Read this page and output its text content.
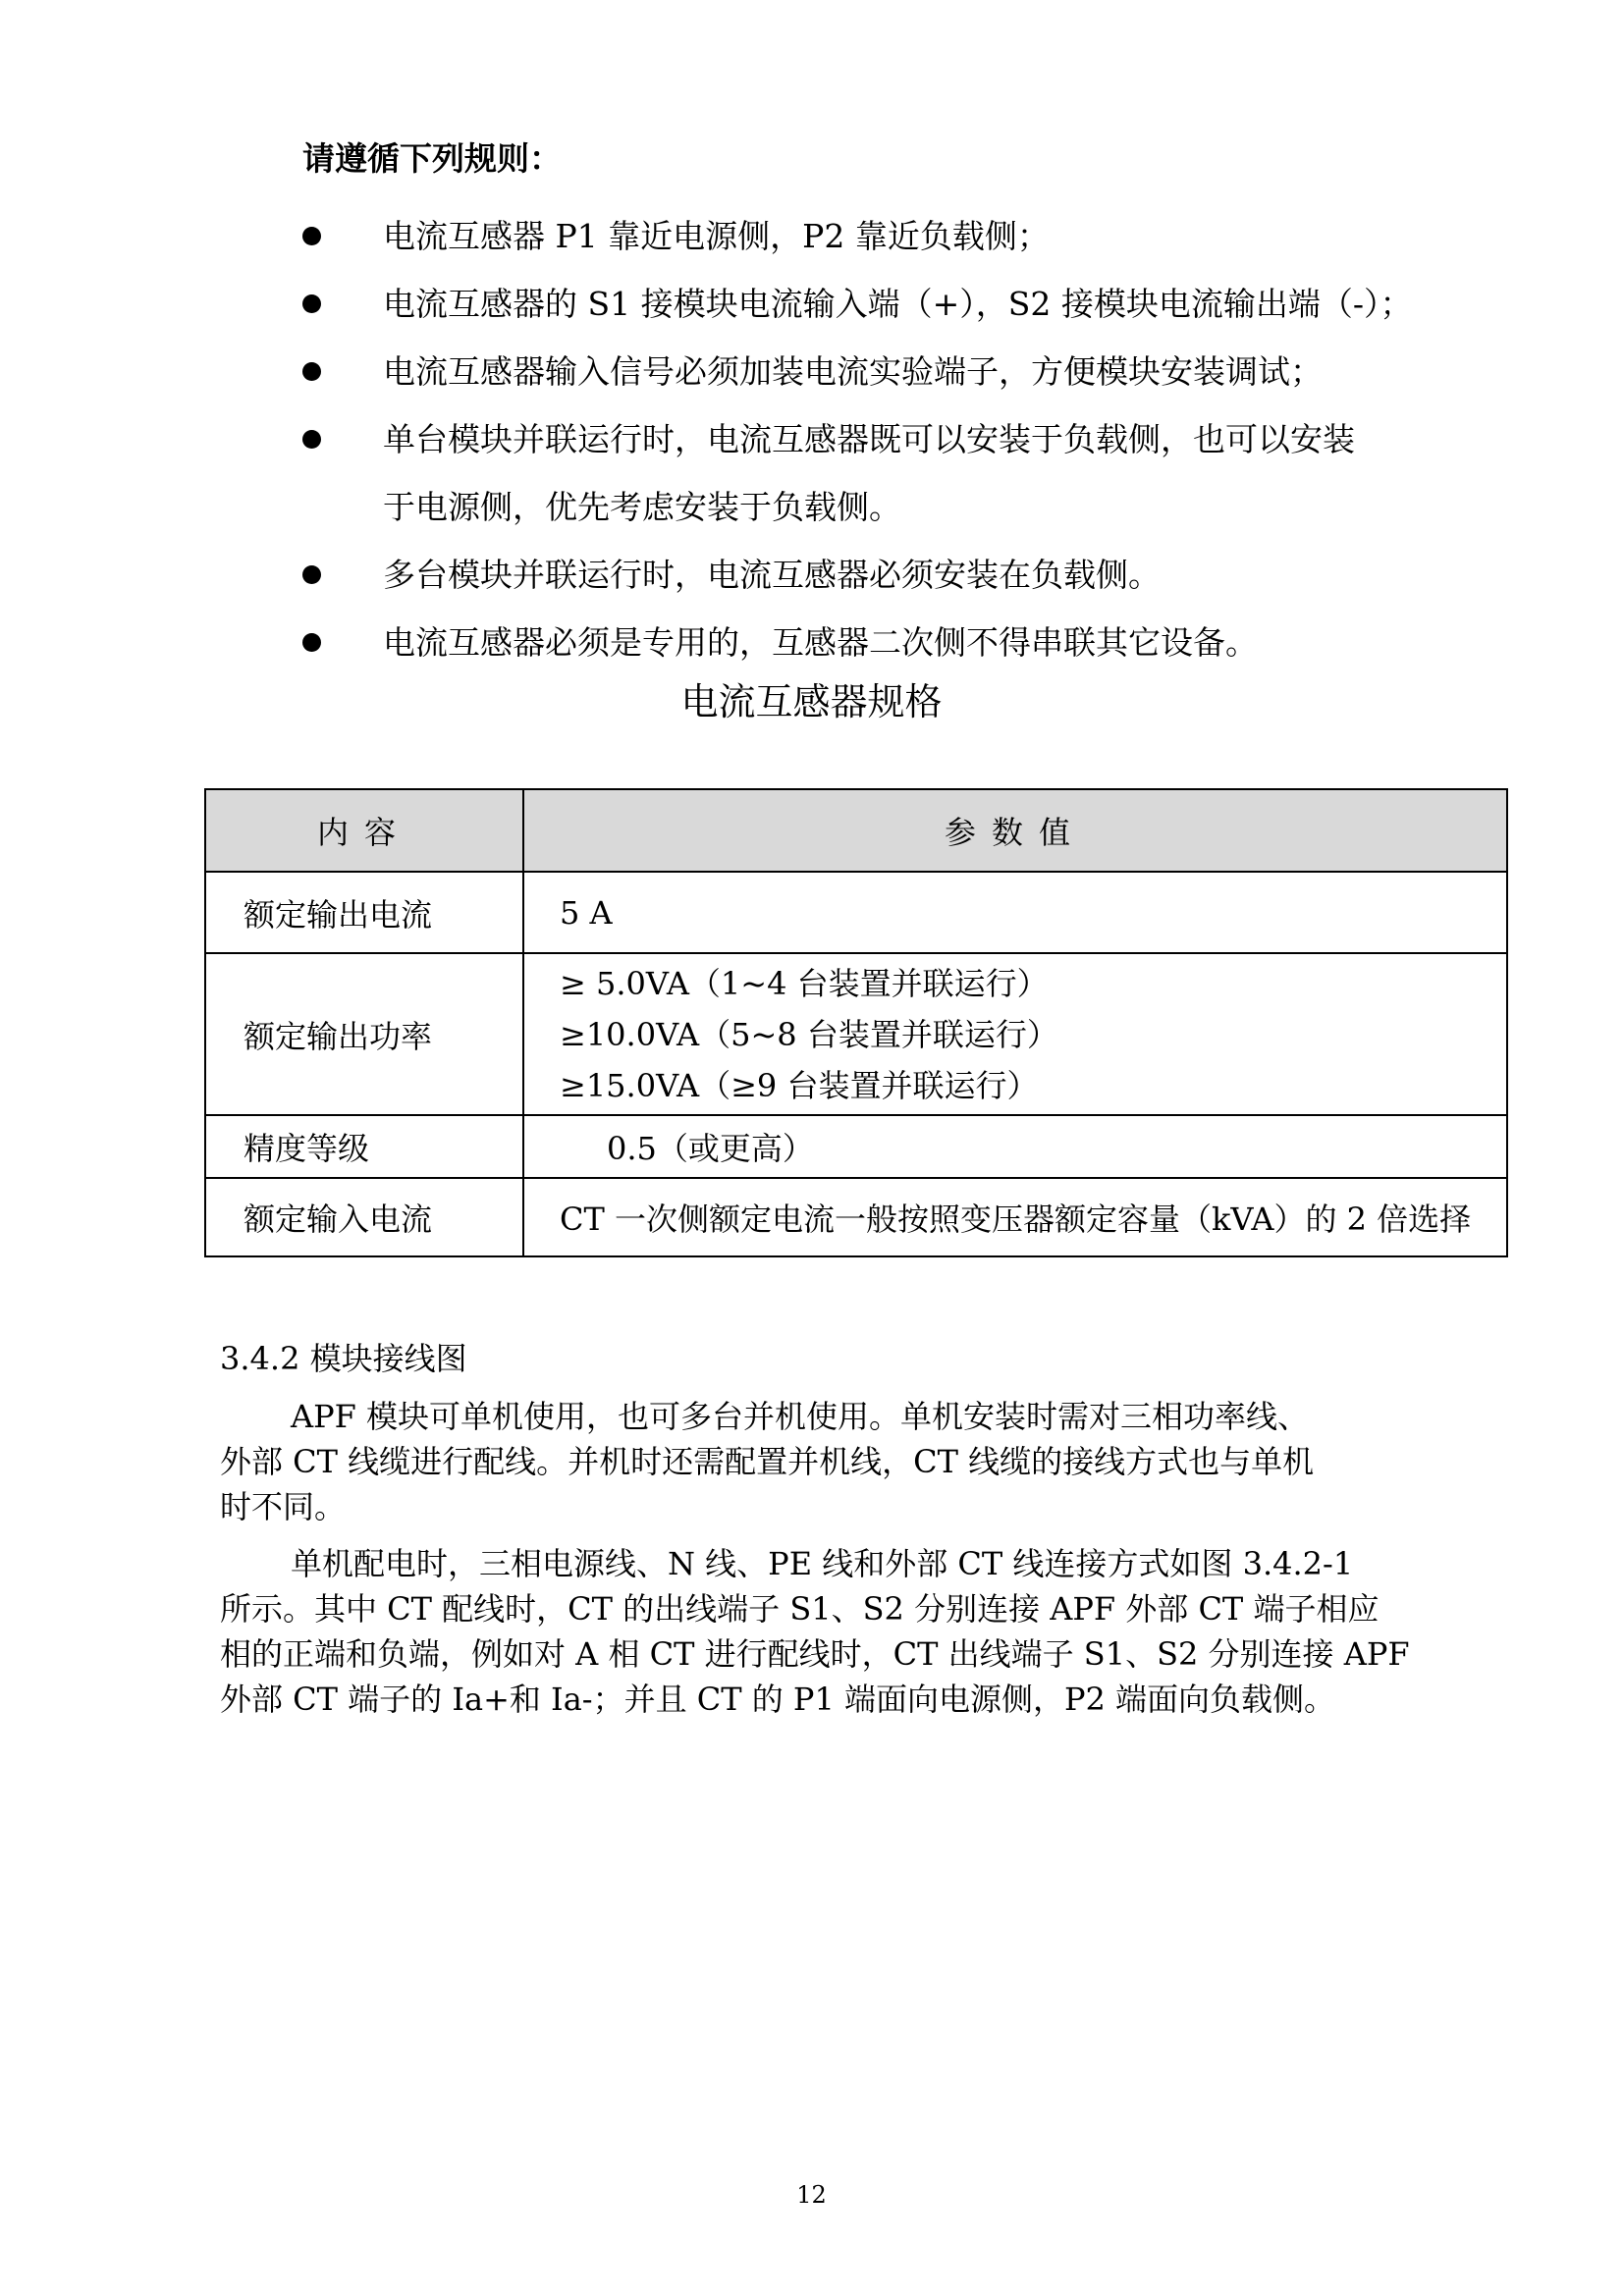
请遵循下列规则：
电流互感器 P1 靠近电源侧，P2 靠近负载侧；
电流互感器的 S1 接模块电流输入端（+），S2 接模块电流输出端（-）；
电流互感器输入信号必须加装电流实验端子，方便模块安装调试；
单台模块并联运行时，电流互感器既可以安装于负载侧，也可以安装
于电源侧，优先考虑安装于负载侧。
多台模块并联运行时，电流互感器必须安装在负载侧。
电流互感器必须是专用的，互感器二次侧不得串联其它设备。
电流互感器规格
内容	参数值
额定输出电流	5 A
额定输出功率	≥ 5.0VA（1~4 台装置并联运行）
≥10.0VA（5~8 台装置并联运行）
≥15.0VA（≥9 台装置并联运行）

精度等级	0.5（或更高）
额定输入电流	CT 一次侧额定电流一般按照变压器额定容量（kVA）的 2 倍选择
3.4.2 模块接线图
APF 模块可单机使用，也可多台并机使用。单机安装时需对三相功率线、
外部 CT 线缆进行配线。并机时还需配置并机线，CT 线缆的接线方式也与单机
时不同。
单机配电时，三相电源线、N 线、PE 线和外部 CT 线连接方式如图 3.4.2-1
所示。其中 CT 配线时，CT 的出线端子 S1、S2 分别连接 APF 外部 CT 端子相应
相的正端和负端，例如对 A 相 CT 进行配线时，CT 出线端子 S1、S2 分别连接 APF
外部 CT 端子的 Ia+和 Ia-；并且 CT 的 P1 端面向电源侧，P2 端面向负载侧。
12
